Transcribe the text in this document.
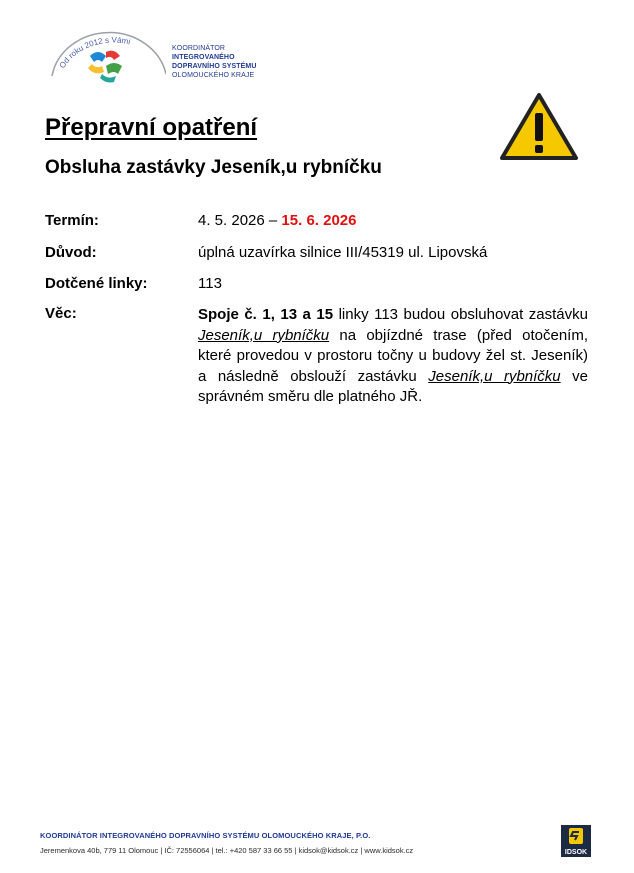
Od roku 2012 s Vámi
KOORDINÁTOR
INTEGROVANÉHO
DOPRAVNÍHO SYSTÉMU
OLOMOUCKÉHO KRAJE
Přepravní opatření
Obsluha zastávky Jeseník,u rybníčku
Termín:	4. 5. 2026 – 15. 6. 2026
Důvod:	úplná uzavírka silnice III/45319 ul. Lipovská
Dotčené linky:	113
Věc:	Spoje č. 1, 13 a 15 linky 113 budou obsluhovat zastávku Jeseník,u rybníčku na objízdné trase (před otočením, které provedou v prostoru točny u budovy žel st. Jeseník) a následně obslouží zastávku Jeseník,u rybníčku ve správném směru dle platného JŘ.
KOORDINÁTOR INTEGROVANÉHO DOPRAVNÍHO SYSTÉMU OLOMOUCKÉHO KRAJE, P.O.
Jeremenkova 40b, 779 11 Olomouc | IČ: 72556064 | tel.: +420 587 33 66 55 | kidsok@kidsok.cz | www.kidsok.cz	IDSOK
